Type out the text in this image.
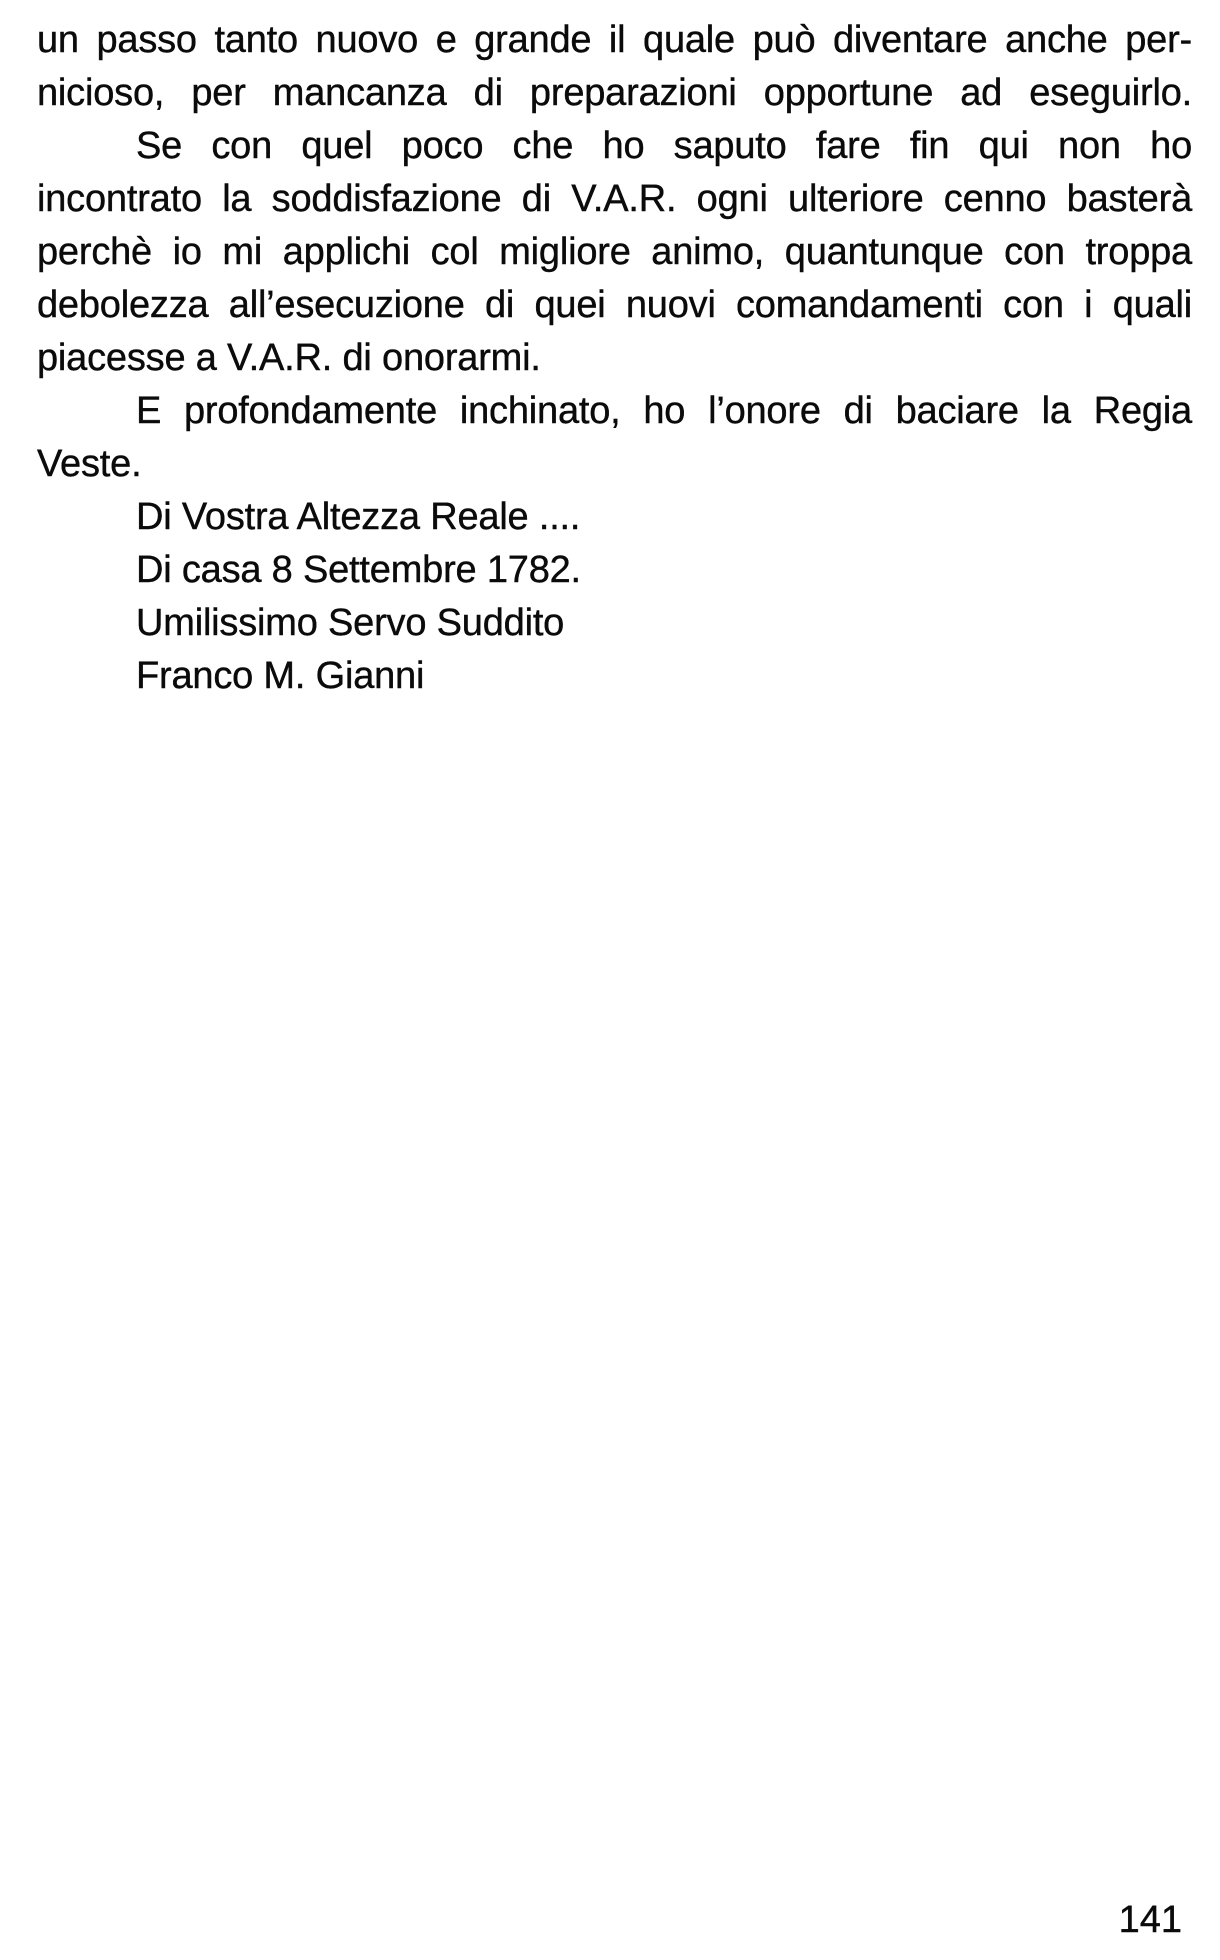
un passo tanto nuovo e grande il quale può diventare anche per-
nicioso, per mancanza di preparazioni opportune ad eseguirlo.
Se con quel poco che ho saputo fare fin qui non ho
incontrato la soddisfazione di V.A.R. ogni ulteriore cenno basterà
perchè io mi applichi col migliore animo, quantunque con troppa
debolezza all’esecuzione di quei nuovi comandamenti con i quali
piacesse a V.A.R. di onorarmi.
E profondamente inchinato, ho l’onore di baciare la Regia
Veste.
Di Vostra Altezza Reale ....
Di casa 8 Settembre 1782.
Umilissimo Servo Suddito
Franco M. Gianni
141
